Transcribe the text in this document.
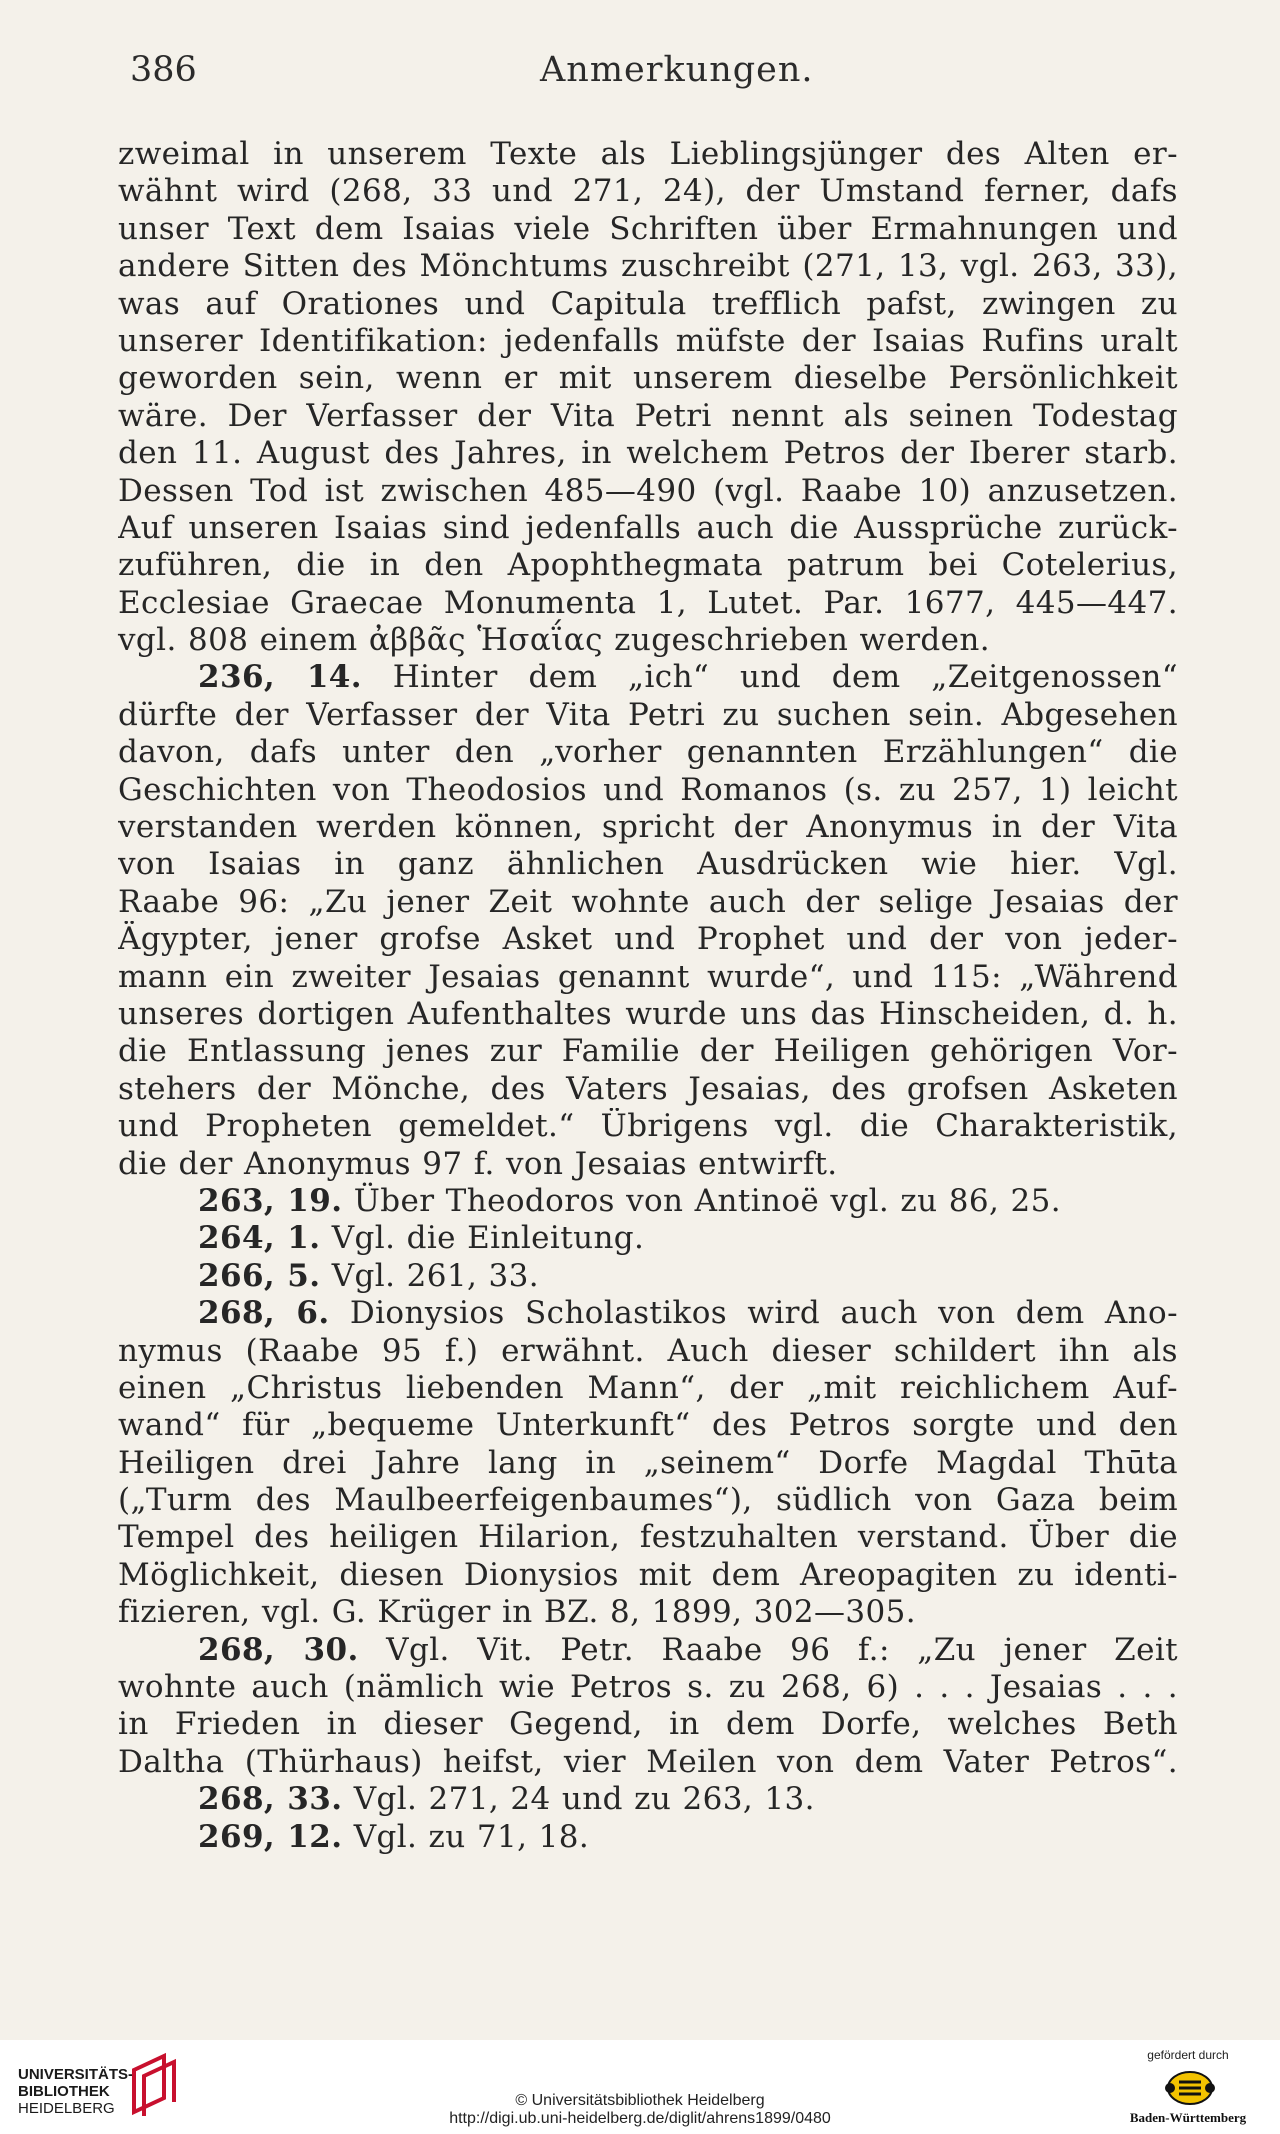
386	Anmerkungen.
zweimal in unserem Texte als Lieblingsjünger des Alten er-
wähnt wird (268, 33 und 271, 24), der Umstand ferner, dafs
unser Text dem Isaias viele Schriften über Ermahnungen und
andere Sitten des Mönchtums zuschreibt (271, 13, vgl. 263, 33),
was auf Orationes und Capitula trefflich pafst, zwingen zu
unserer Identifikation: jedenfalls müfste der Isaias Rufins uralt
geworden sein, wenn er mit unserem dieselbe Persönlichkeit
wäre. Der Verfasser der Vita Petri nennt als seinen Todestag
den 11. August des Jahres, in welchem Petros der Iberer starb.
Dessen Tod ist zwischen 485—490 (vgl. Raabe 10) anzusetzen.
Auf unseren Isaias sind jedenfalls auch die Aussprüche zurück-
zuführen, die in den Apophthegmata patrum bei Cotelerius,
Ecclesiae Graecae Monumenta 1, Lutet. Par. 1677, 445—447.
vgl. 808 einem ἀββᾶς Ἡσαΐας zugeschrieben werden.
236, 14. Hinter dem „ich“ und dem „Zeitgenossen“
dürfte der Verfasser der Vita Petri zu suchen sein. Abgesehen
davon, dafs unter den „vorher genannten Erzählungen“ die
Geschichten von Theodosios und Romanos (s. zu 257, 1) leicht
verstanden werden können, spricht der Anonymus in der Vita
von Isaias in ganz ähnlichen Ausdrücken wie hier. Vgl.
Raabe 96: „Zu jener Zeit wohnte auch der selige Jesaias der
Ägypter, jener grofse Asket und Prophet und der von jeder-
mann ein zweiter Jesaias genannt wurde“, und 115: „Während
unseres dortigen Aufenthaltes wurde uns das Hinscheiden, d. h.
die Entlassung jenes zur Familie der Heiligen gehörigen Vor-
stehers der Mönche, des Vaters Jesaias, des grofsen Asketen
und Propheten gemeldet.“ Übrigens vgl. die Charakteristik,
die der Anonymus 97 f. von Jesaias entwirft.
263, 19. Über Theodoros von Antinoë vgl. zu 86, 25.
264, 1. Vgl. die Einleitung.
266, 5. Vgl. 261, 33.
268, 6. Dionysios Scholastikos wird auch von dem Ano-
nymus (Raabe 95 f.) erwähnt. Auch dieser schildert ihn als
einen „Christus liebenden Mann“, der „mit reichlichem Auf-
wand“ für „bequeme Unterkunft“ des Petros sorgte und den
Heiligen drei Jahre lang in „seinem“ Dorfe Magdal Thūta
(„Turm des Maulbeerfeigenbaumes“), südlich von Gaza beim
Tempel des heiligen Hilarion, festzuhalten verstand. Über die
Möglichkeit, diesen Dionysios mit dem Areopagiten zu identi-
fizieren, vgl. G. Krüger in BZ. 8, 1899, 302—305.
268, 30. Vgl. Vit. Petr. Raabe 96 f.: „Zu jener Zeit
wohnte auch (nämlich wie Petros s. zu 268, 6) . . . Jesaias . . .
in Frieden in dieser Gegend, in dem Dorfe, welches Beth
Daltha (Thürhaus) heifst, vier Meilen von dem Vater Petros“.
268, 33. Vgl. 271, 24 und zu 263, 13.
269, 12. Vgl. zu 71, 18.
UNIVERSITÄTS-
BIBLIOTHEK
HEIDELBERG	© Universitätsbibliothek Heidelberg
http://digi.ub.uni-heidelberg.de/diglit/ahrens1899/0480
gefördert durch
Baden-Württemberg
